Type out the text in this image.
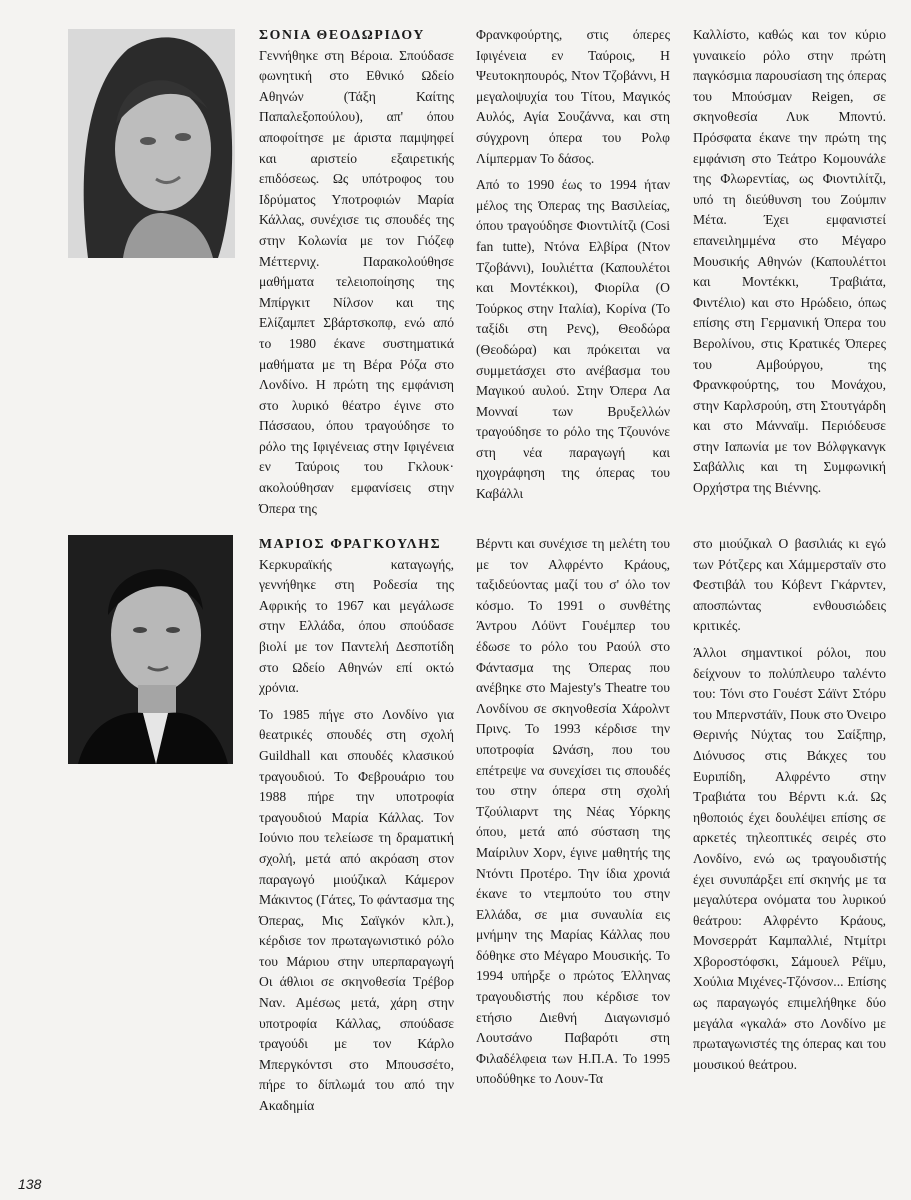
ΣΟΝΙΑ ΘΕΟΔΩΡΙΔΟΥ

Γεννήθηκε στη Βέροια. Σπούδασε φωνητική στο Εθνικό Ωδείο Αθηνών (Τάξη Καίτης Παπαλεξοπούλου), απ' όπου αποφοίτησε με άριστα παμψηφεί και αριστείο εξαιρετικής επιδόσεως. Ως υπότροφος του Ιδρύματος Υποτροφιών Μαρία Κάλλας, συνέχισε τις σπουδές της στην Κολωνία με τον Γιόζεφ Μέττερνιχ. Παρακολούθησε μαθήματα τελειοποίησης της Μπίργκιτ Νίλσον και της Ελίζαμπετ Σβάρτσκοπφ, ενώ από το 1980 έκανε συστηματικά μαθήματα με τη Βέρα Ρόζα στο Λονδίνο. Η πρώτη της εμφάνιση στο λυρικό θέατρο έγινε στο Πάσσαου, όπου τραγούδησε το ρόλο της Ιφιγένειας στην Ιφιγένεια εν Ταύροις του Γκλουκ· ακολούθησαν εμφανίσεις στην Όπερα της

Φρανκφούρτης, στις όπερες Ιφιγένεια εν Ταύροις, Η Ψευτοκηπουρός, Ντον Τζοβάννι, Η μεγαλοψυχία του Τίτου, Μαγικός Αυλός, Αγία Σουζάννα, και στη σύγχρονη όπερα του Ρολφ Λίμπερμαν Το δάσος.

Από το 1990 έως το 1994 ήταν μέλος της Όπερας της Βασιλείας, όπου τραγούδησε Φιοντιλίτζι (Cosi fan tutte), Ντόνα Ελβίρα (Ντον Τζοβάννι), Ιουλιέττα (Καπουλέτοι και Μοντέκκοι), Φιορίλα (Ο Τούρκος στην Ιταλία), Κορίνα (Το ταξίδι στη Ρενς), Θεοδώρα (Θεοδώρα) και πρόκειται να συμμετάσχει στο ανέβασμα του Μαγικού αυλού. Στην Όπερα Λα Μονναί των Βρυξελλών τραγούδησε το ρόλο της Τζουνόνε στη νέα παραγωγή και ηχογράφηση της όπερας του Καβάλλι

Καλλίστο, καθώς και τον κύριο γυναικείο ρόλο στην πρώτη παγκόσμια παρουσίαση της όπερας του Μπούσμαν Reigen, σε σκηνοθεσία Λυκ Μποντύ. Πρόσφατα έκανε την πρώτη της εμφάνιση στο Τεάτρο Κομουνάλε της Φλωρεντίας, ως Φιοντιλίτζι, υπό τη διεύθυνση του Ζούμπιν Μέτα. Έχει εμφανιστεί επανειλημμένα στο Μέγαρο Μουσικής Αθηνών (Καπουλέττοι και Μοντέκκι, Τραβιάτα, Φιντέλιο) και στο Ηρώδειο, όπως επίσης στη Γερμανική Όπερα του Βερολίνου, στις Κρατικές Όπερες του Αμβούργου, της Φρανκφούρτης, του Μονάχου, στην Καρλσρούη, στη Στουτγάρδη και στο Μάνναϊμ. Περιόδευσε στην Ιαπωνία με τον Βόλφγκανγκ Σαβάλλις και τη Συμφωνική Ορχήστρα της Βιέννης.

ΜΑΡΙΟΣ ΦΡΑΓΚΟΥΛΗΣ

Κερκυραϊκής καταγωγής, γεννήθηκε στη Ροδεσία της Αφρικής το 1967 και μεγάλωσε στην Ελλάδα, όπου σπούδασε βιολί με τον Παντελή Δεσποτίδη στο Ωδείο Αθηνών επί οκτώ χρόνια.

Το 1985 πήγε στο Λονδίνο για θεατρικές σπουδές στη σχολή Guildhall και σπουδές κλασικού τραγουδιού. Το Φεβρουάριο του 1988 πήρε την υποτροφία τραγουδιού Μαρία Κάλλας. Τον Ιούνιο που τελείωσε τη δραματική σχολή, μετά από ακρόαση στον παραγωγό μιούζικαλ Κάμερον Μάκιντος (Γάτες, Το φάντασμα της Όπερας, Μις Σαϊγκόν κλπ.), κέρδισε τον πρωταγωνιστικό ρόλο του Μάριου στην υπερπαραγωγή Οι άθλιοι σε σκηνοθεσία Τρέβορ Ναν. Αμέσως μετά, χάρη στην υποτροφία Κάλλας, σπούδασε τραγούδι με τον Κάρλο Μπεργκόντσι στο Μπουσσέτο, πήρε το δίπλωμά του από την Ακαδημία

Βέρντι και συνέχισε τη μελέτη του με τον Αλφρέντο Κράους, ταξιδεύοντας μαζί του σ' όλο τον κόσμο. Το 1991 ο συνθέτης Άντρου Λόϋντ Γουέμπερ του έδωσε το ρόλο του Ραούλ στο Φάντασμα της Όπερας που ανέβηκε στο Majesty's Theatre του Λονδίνου σε σκηνοθεσία Χάρολντ Πρινς. Το 1993 κέρδισε την υποτροφία Ωνάση, που του επέτρεψε να συνεχίσει τις σπουδές του στην όπερα στη σχολή Τζούλιαρντ της Νέας Υόρκης όπου, μετά από σύσταση της Μαίριλυν Χορν, έγινε μαθητής της Ντόντι Προτέρο. Την ίδια χρονιά έκανε το ντεμπούτο του στην Ελλάδα, σε μια συναυλία εις μνήμην της Μαρίας Κάλλας που δόθηκε στο Μέγαρο Μουσικής. Το 1994 υπήρξε ο πρώτος Έλληνας τραγουδιστής που κέρδισε τον ετήσιο Διεθνή Διαγωνισμό Λουτσάνο Παβαρότι στη Φιλαδέλφεια των Η.Π.Α. Το 1995 υποδύθηκε το Λουν-Τα

στο μιούζικαλ Ο βασιλιάς κι εγώ των Ρότζερς και Χάμμερσταϊν στο Φεστιβάλ του Κόβεντ Γκάρντεν, αποσπώντας ενθουσιώδεις κριτικές.

Άλλοι σημαντικοί ρόλοι, που δείχνουν το πολύπλευρο ταλέντο του: Τόνι στο Γουέστ Σάϊντ Στόρυ του Μπερνστάϊν, Πουκ στο Όνειρο Θερινής Νύχτας του Σαίξπηρ, Διόνυσος στις Βάκχες του Ευριπίδη, Αλφρέντο στην Τραβιάτα του Βέρντι κ.ά. Ως ηθοποιός έχει δουλέψει επίσης σε αρκετές τηλεοπτικές σειρές στο Λονδίνο, ενώ ως τραγουδιστής έχει συνυπάρξει επί σκηνής με τα μεγαλύτερα ονόματα του λυρικού θεάτρου: Αλφρέντο Κράους, Μονσερράτ Καμπαλλιέ, Ντμίτρι Χβοροστόφσκι, Σάμουελ Ρέϊμυ, Χούλια Μιχένες-Τζόνσον... Επίσης ως παραγωγός επιμελήθηκε δύο μεγάλα «γκαλά» στο Λονδίνο με πρωταγωνιστές της όπερας και του μουσικού θεάτρου.

138
